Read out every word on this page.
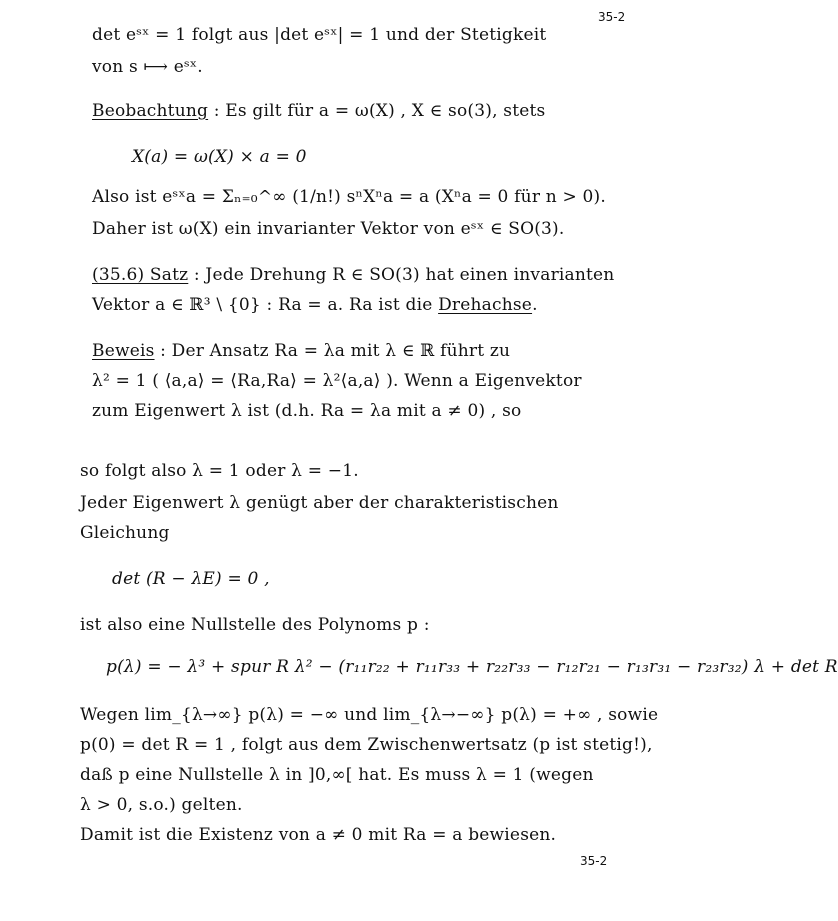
35-2
det eˢˣ = 1 folgt aus |det eˢˣ| = 1 und der Stetigkeit
von s ⟼ eˢˣ.
Beobachtung : Es gilt für a = ω(X) , X ∈ so(3), stets
X(a) = ω(X) × a = 0
Also ist eˢˣa = Σₙ₌₀^∞ (1/n!) sⁿXⁿa = a (Xⁿa = 0 für n > 0).
Daher ist ω(X) ein invarianter Vektor von eˢˣ ∈ SO(3).
(35.6) Satz : Jede Drehung R ∈ SO(3) hat einen invarianten
Vektor a ∈ ℝ³ \ {0} : Ra = a. Ra ist die Drehachse.
Beweis : Der Ansatz Ra = λa mit λ ∈ ℝ führt zu
λ² = 1 ( ⟨a,a⟩ = ⟨Ra,Ra⟩ = λ²⟨a,a⟩ ). Wenn a Eigenvektor
zum Eigenwert λ ist (d.h. Ra = λa mit a ≠ 0) , so
so folgt also λ = 1 oder λ = −1.
Jeder Eigenwert λ genügt aber der charakteristischen
Gleichung
det (R − λE) = 0 ,
ist also eine Nullstelle des Polynoms p :
p(λ) = − λ³ + spur R λ² − (r₁₁r₂₂ + r₁₁r₃₃ + r₂₂r₃₃ − r₁₂r₂₁ − r₁₃r₃₁ − r₂₃r₃₂) λ + det R
Wegen lim_{λ→∞} p(λ) = −∞ und lim_{λ→−∞} p(λ) = +∞ , sowie
p(0) = det R = 1 , folgt aus dem Zwischenwertsatz (p ist stetig!),
daß p eine Nullstelle λ in ]0,∞[ hat. Es muss λ = 1 (wegen
λ > 0, s.o.) gelten.
Damit ist die Existenz von a ≠ 0 mit Ra = a bewiesen.
35-2
